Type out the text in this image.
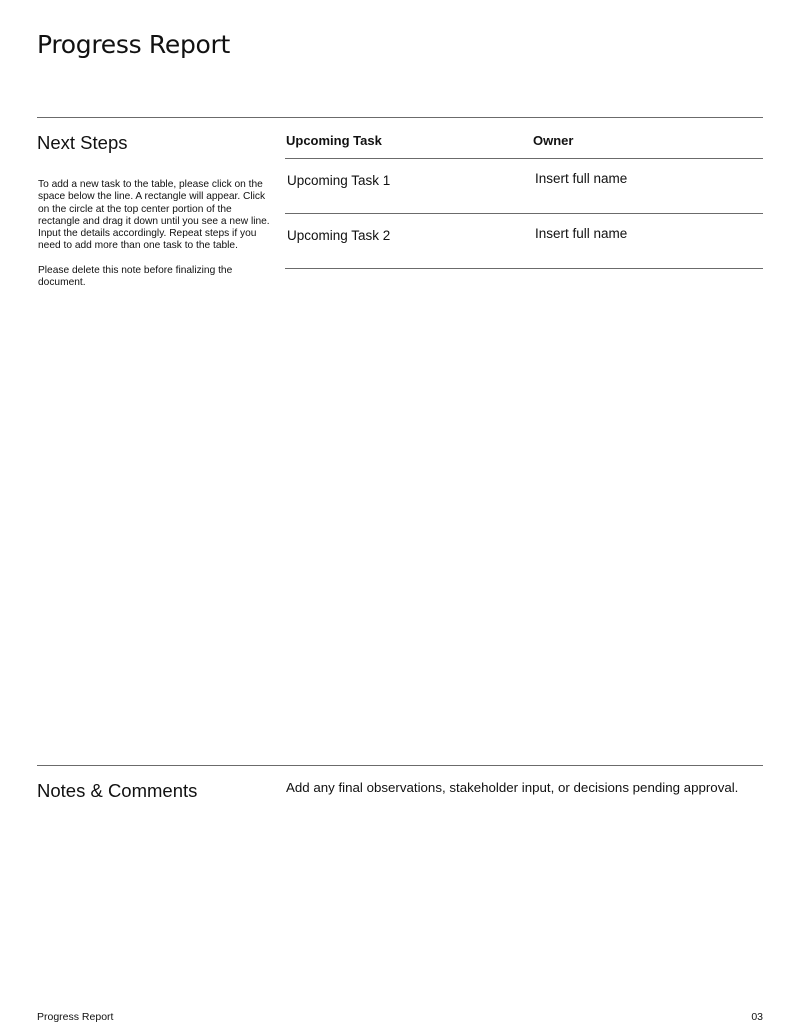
Progress Report
Next Steps

To add a new task to the table, please click on the space below the line. A rectangle will appear. Click on the circle at the top center portion of the rectangle and drag it down until you see a new line. Input the details accordingly. Repeat steps if you need to add more than one task to the table.

Please delete this note before finalizing the document.

Upcoming Task	Owner
Upcoming Task 1	Insert full name
Upcoming Task 2	Insert full name
Notes & Comments	Add any final observations, stakeholder input, or decisions pending approval.
Progress Report	03
